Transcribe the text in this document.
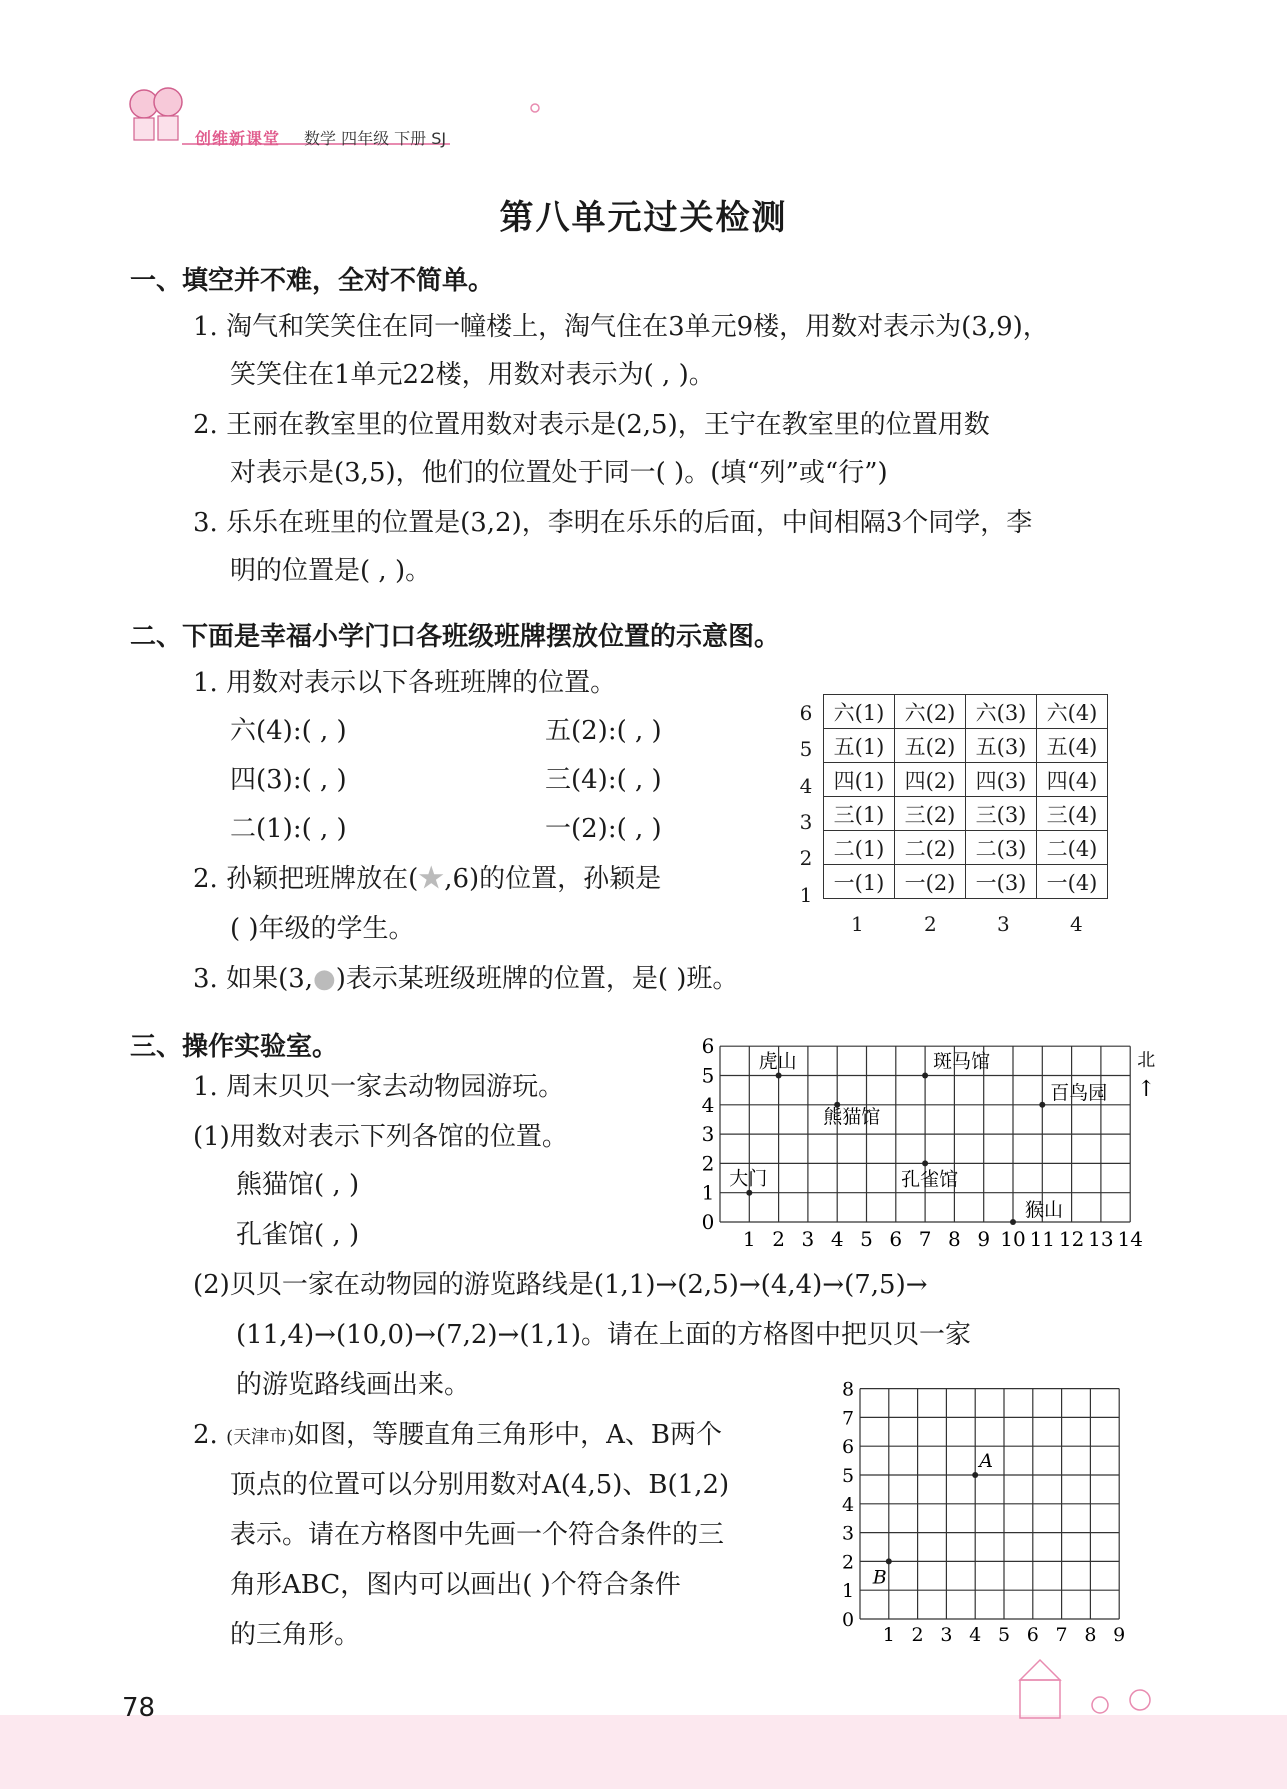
创维新课堂 数学 四年级 下册 SJ
第八单元过关检测
一、填空并不难，全对不简单。
1. 淘气和笑笑住在同一幢楼上，淘气住在3单元9楼，用数对表示为(3,9)，
笑笑住在1单元22楼，用数对表示为( , )。
2. 王丽在教室里的位置用数对表示是(2,5)，王宁在教室里的位置用数
对表示是(3,5)，他们的位置处于同一( )。(填“列”或“行”)
3. 乐乐在班里的位置是(3,2)，李明在乐乐的后面，中间相隔3个同学，李
明的位置是( , )。
二、下面是幸福小学门口各班级班牌摆放位置的示意图。
1. 用数对表示以下各班班牌的位置。
六(4):( , )	五(2):( , )
四(3):( , )	三(4):( , )
二(1):( , )	一(2):( , )
2. 孙颖把班牌放在(★,6)的位置，孙颖是
( )年级的学生。
3. 如果(3,●)表示某班级班牌的位置，是( )班。
六(1)	六(2)	六(3)	六(4)
五(1)	五(2)	五(3)	五(4)
四(1)	四(2)	四(3)	四(4)
三(1)	三(2)	三(3)	三(4)
二(1)	二(2)	二(3)	二(4)
一(1)	一(2)	一(3)	一(4)
三、操作实验室。
1. 周末贝贝一家去动物园游玩。
(1)用数对表示下列各馆的位置。
熊猫馆( , )
孔雀馆( , )
(2)贝贝一家在动物园的游览路线是(1,1)→(2,5)→(4,4)→(7,5)→
(11,4)→(10,0)→(7,2)→(1,1)。请在上面的方格图中把贝贝一家
的游览路线画出来。
2. (天津市)如图，等腰直角三角形中，A、B两个
顶点的位置可以分别用数对A(4,5)、B(1,2)
表示。请在方格图中先画一个符合条件的三
角形ABC，图内可以画出( )个符合条件
的三角形。
1 2 3 4 5 6 7 8 9 10 11 12 13 14
0
1
2
3
4
5
6
北
↑
虎山	斑马馆
熊猫馆
百鸟园
大门	孔雀馆
猴山
1 2 3 4 5 6 7 8 9
0
1
2
3
4
5
6
7
8
A
B
78
6
5
4
3
2
1
1	2	3	4
